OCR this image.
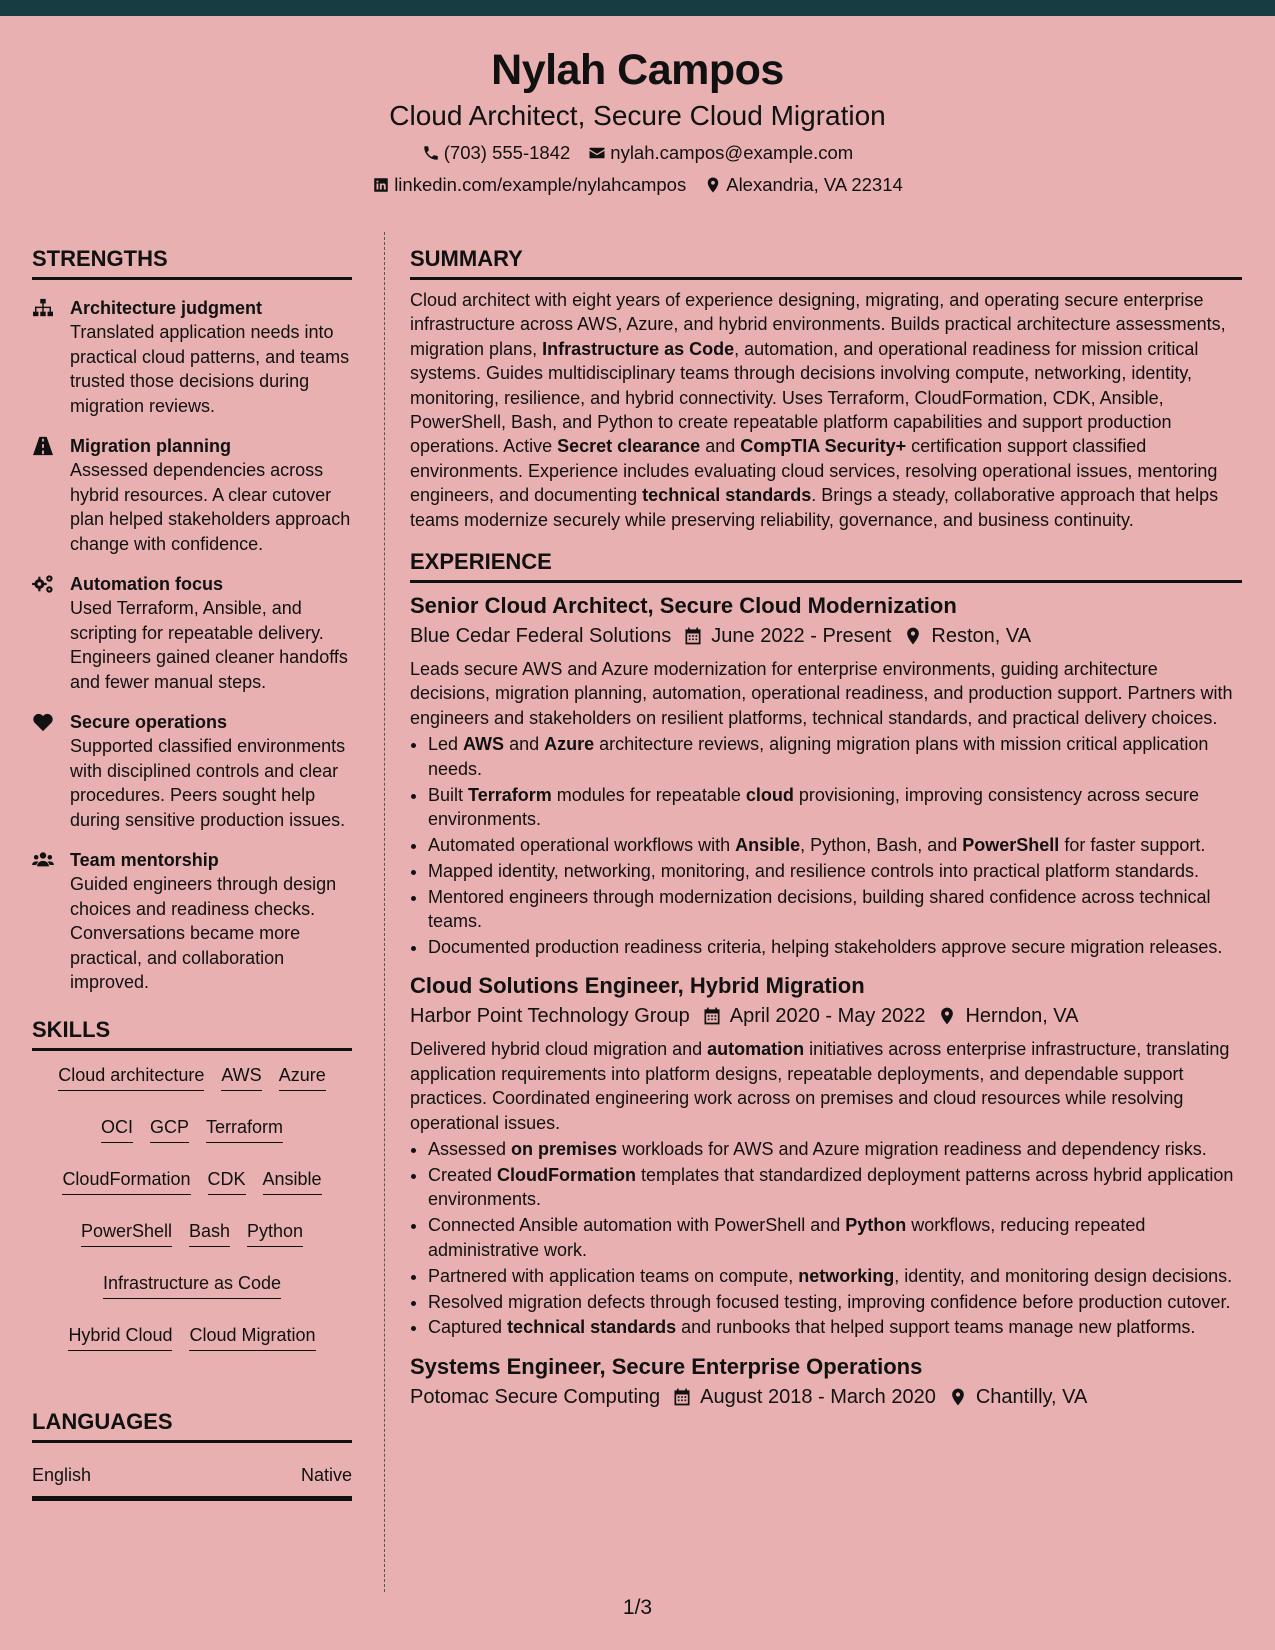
Nylah Campos
Cloud Architect, Secure Cloud Migration
(703) 555-1842 nylah.campos@example.com
linkedin.com/example/nylahcampos Alexandria, VA 22314
STRENGTHS
Architecture judgment
Translated application needs into practical cloud patterns, and teams trusted those decisions during migration reviews.
Migration planning
Assessed dependencies across hybrid resources. A clear cutover plan helped stakeholders approach change with confidence.
Automation focus
Used Terraform, Ansible, and scripting for repeatable delivery. Engineers gained cleaner handoffs and fewer manual steps.
Secure operations
Supported classified environments with disciplined controls and clear procedures. Peers sought help during sensitive production issues.
Team mentorship
Guided engineers through design choices and readiness checks. Conversations became more practical, and collaboration improved.
SKILLS
Cloud architecture AWS Azure
OCI GCP Terraform
CloudFormation CDK Ansible
PowerShell Bash Python
Infrastructure as Code
Hybrid Cloud Cloud Migration
LANGUAGES
English	Native
SUMMARY
Cloud architect with eight years of experience designing, migrating, and operating secure enterprise infrastructure across AWS, Azure, and hybrid environments. Builds practical architecture assessments, migration plans, Infrastructure as Code, automation, and operational readiness for mission critical systems. Guides multidisciplinary teams through decisions involving compute, networking, identity, monitoring, resilience, and hybrid connectivity. Uses Terraform, CloudFormation, CDK, Ansible, PowerShell, Bash, and Python to create repeatable platform capabilities and support production operations. Active Secret clearance and CompTIA Security+ certification support classified environments. Experience includes evaluating cloud services, resolving operational issues, mentoring engineers, and documenting technical standards. Brings a steady, collaborative approach that helps teams modernize securely while preserving reliability, governance, and business continuity.
EXPERIENCE
Senior Cloud Architect, Secure Cloud Modernization
Blue Cedar Federal Solutions June 2022 - Present Reston, VA
Leads secure AWS and Azure modernization for enterprise environments, guiding architecture decisions, migration planning, automation, operational readiness, and production support. Partners with engineers and stakeholders on resilient platforms, technical standards, and practical delivery choices.
• Led AWS and Azure architecture reviews, aligning migration plans with mission critical application needs.
• Built Terraform modules for repeatable cloud provisioning, improving consistency across secure environments.
• Automated operational workflows with Ansible, Python, Bash, and PowerShell for faster support.
• Mapped identity, networking, monitoring, and resilience controls into practical platform standards.
• Mentored engineers through modernization decisions, building shared confidence across technical teams.
• Documented production readiness criteria, helping stakeholders approve secure migration releases.
Cloud Solutions Engineer, Hybrid Migration
Harbor Point Technology Group April 2020 - May 2022 Herndon, VA
Delivered hybrid cloud migration and automation initiatives across enterprise infrastructure, translating application requirements into platform designs, repeatable deployments, and dependable support practices. Coordinated engineering work across on premises and cloud resources while resolving operational issues.
• Assessed on premises workloads for AWS and Azure migration readiness and dependency risks.
• Created CloudFormation templates that standardized deployment patterns across hybrid application environments.
• Connected Ansible automation with PowerShell and Python workflows, reducing repeated administrative work.
• Partnered with application teams on compute, networking, identity, and monitoring design decisions.
• Resolved migration defects through focused testing, improving confidence before production cutover.
• Captured technical standards and runbooks that helped support teams manage new platforms.
Systems Engineer, Secure Enterprise Operations
Potomac Secure Computing August 2018 - March 2020 Chantilly, VA
1/3
